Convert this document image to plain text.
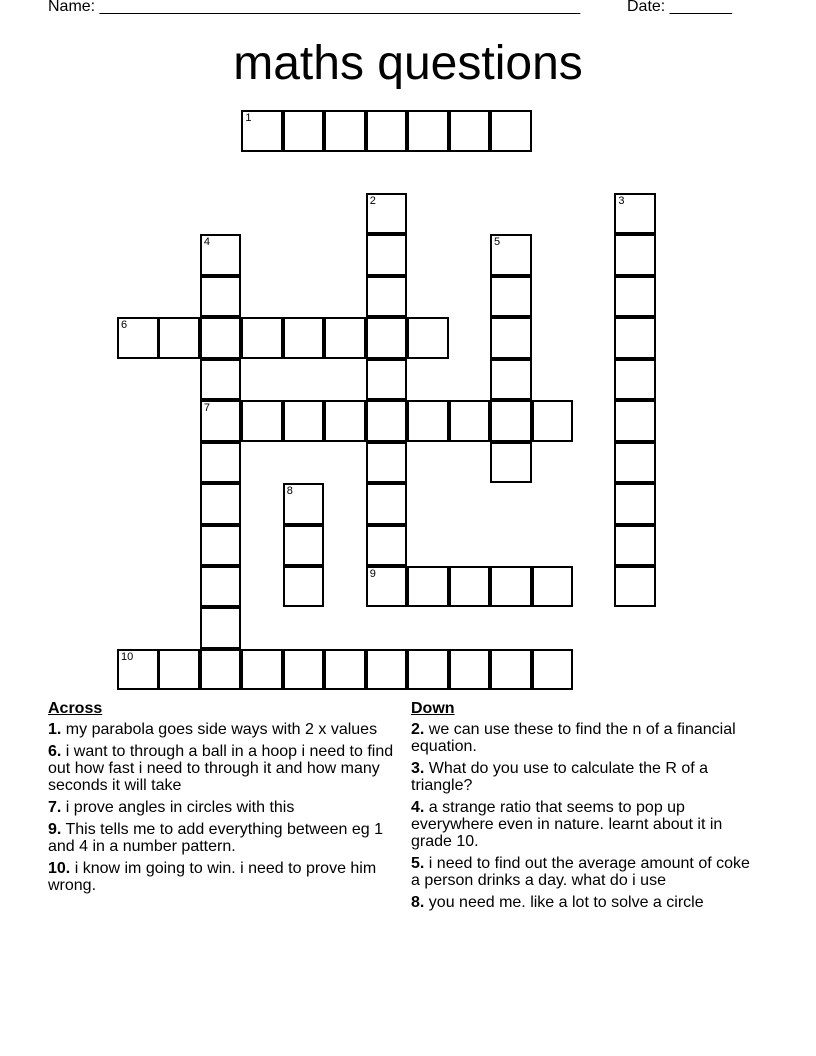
Name: ______________________________________________________	Date: _______
maths questions
1
2	3
4
7
5
6
8
9
10
Across
1. my parabola goes side ways with 2 x values
6. i want to through a ball in a hoop i need to find out how fast i need to through it and how many seconds it will take
7. i prove angles in circles with this
9. This tells me to add everything between eg 1 and 4 in a number pattern.
10. i know im going to win. i need to prove him wrong.
Down
2. we can use these to find the n of a financial equation.
3. What do you use to calculate the R of a triangle?
4. a strange ratio that seems to pop up everywhere even in nature. learnt about it in grade 10.
5. i need to find out the average amount of coke a person drinks a day. what do i use
8. you need me. like a lot to solve a circle
